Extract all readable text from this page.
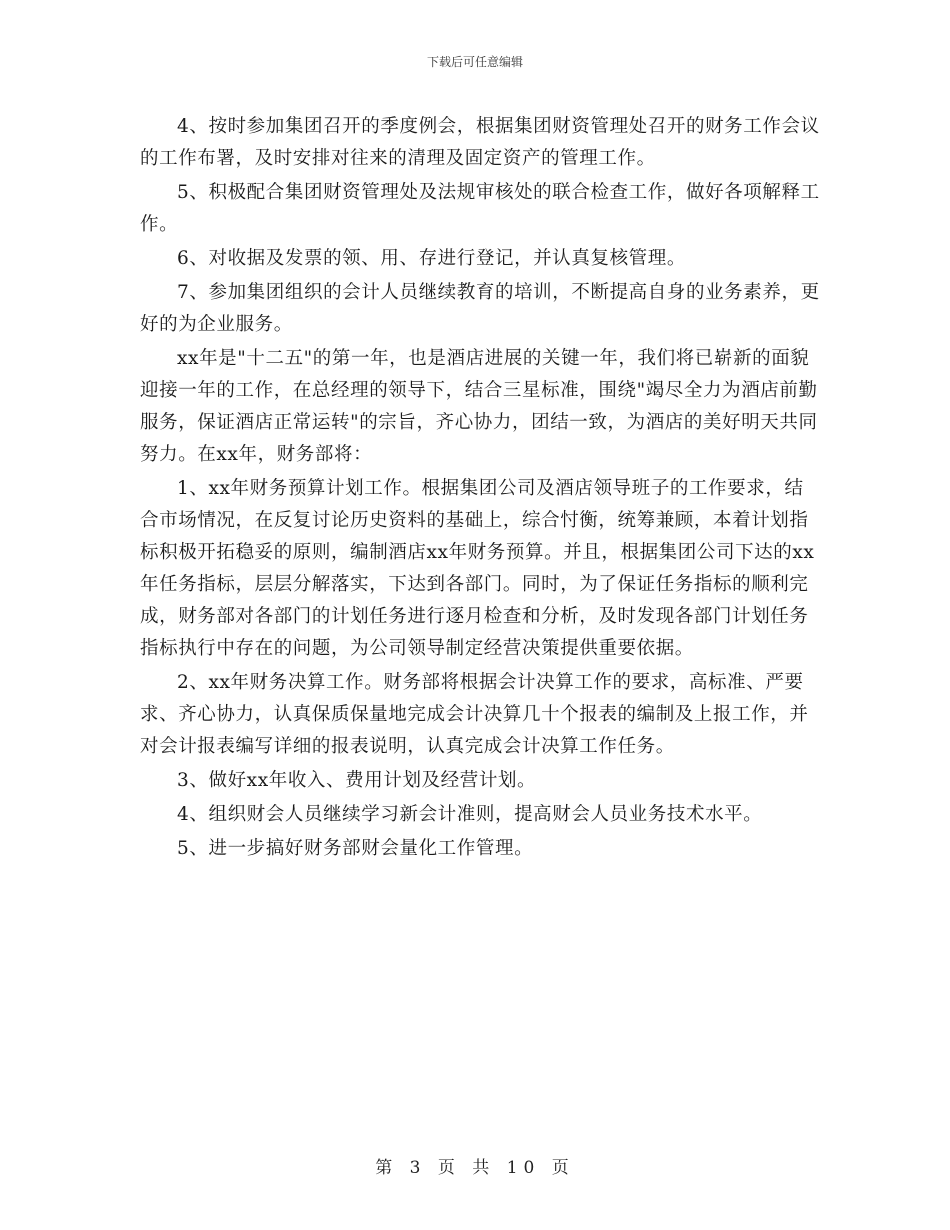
下载后可任意编辑

4、按时参加集团召开的季度例会，根据集团财资管理处召开的财务工作会议的工作布署，及时安排对往来的清理及固定资产的管理工作。

5、积极配合集团财资管理处及法规审核处的联合检查工作，做好各项解释工作。

6、对收据及发票的领、用、存进行登记，并认真复核管理。

7、参加集团组织的会计人员继续教育的培训，不断提高自身的业务素养，更好的为企业服务。

xx年是"十二五"的第一年，也是酒店进展的关键一年，我们将已崭新的面貌迎接一年的工作，在总经理的领导下，结合三星标准，围绕"竭尽全力为酒店前勤服务，保证酒店正常运转"的宗旨，齐心协力，团结一致，为酒店的美好明天共同努力。在xx年，财务部将：

1、xx年财务预算计划工作。根据集团公司及酒店领导班子的工作要求，结合市场情况，在反复讨论历史资料的基础上，综合忖衡，统筹兼顾，本着计划指标积极开拓稳妥的原则，编制酒店xx年财务预算。并且，根据集团公司下达的xx年任务指标，层层分解落实，下达到各部门。同时，为了保证任务指标的顺利完成，财务部对各部门的计划任务进行逐月检查和分析，及时发现各部门计划任务指标执行中存在的问题，为公司领导制定经营决策提供重要依据。

2、xx年财务决算工作。财务部将根据会计决算工作的要求，高标准、严要求、齐心协力，认真保质保量地完成会计决算几十个报表的编制及上报工作，并对会计报表编写详细的报表说明，认真完成会计决算工作任务。

3、做好xx年收入、费用计划及经营计划。

4、组织财会人员继续学习新会计准则，提高财会人员业务技术水平。

5、进一步搞好财务部财会量化工作管理。

第 3 页 共 10 页
